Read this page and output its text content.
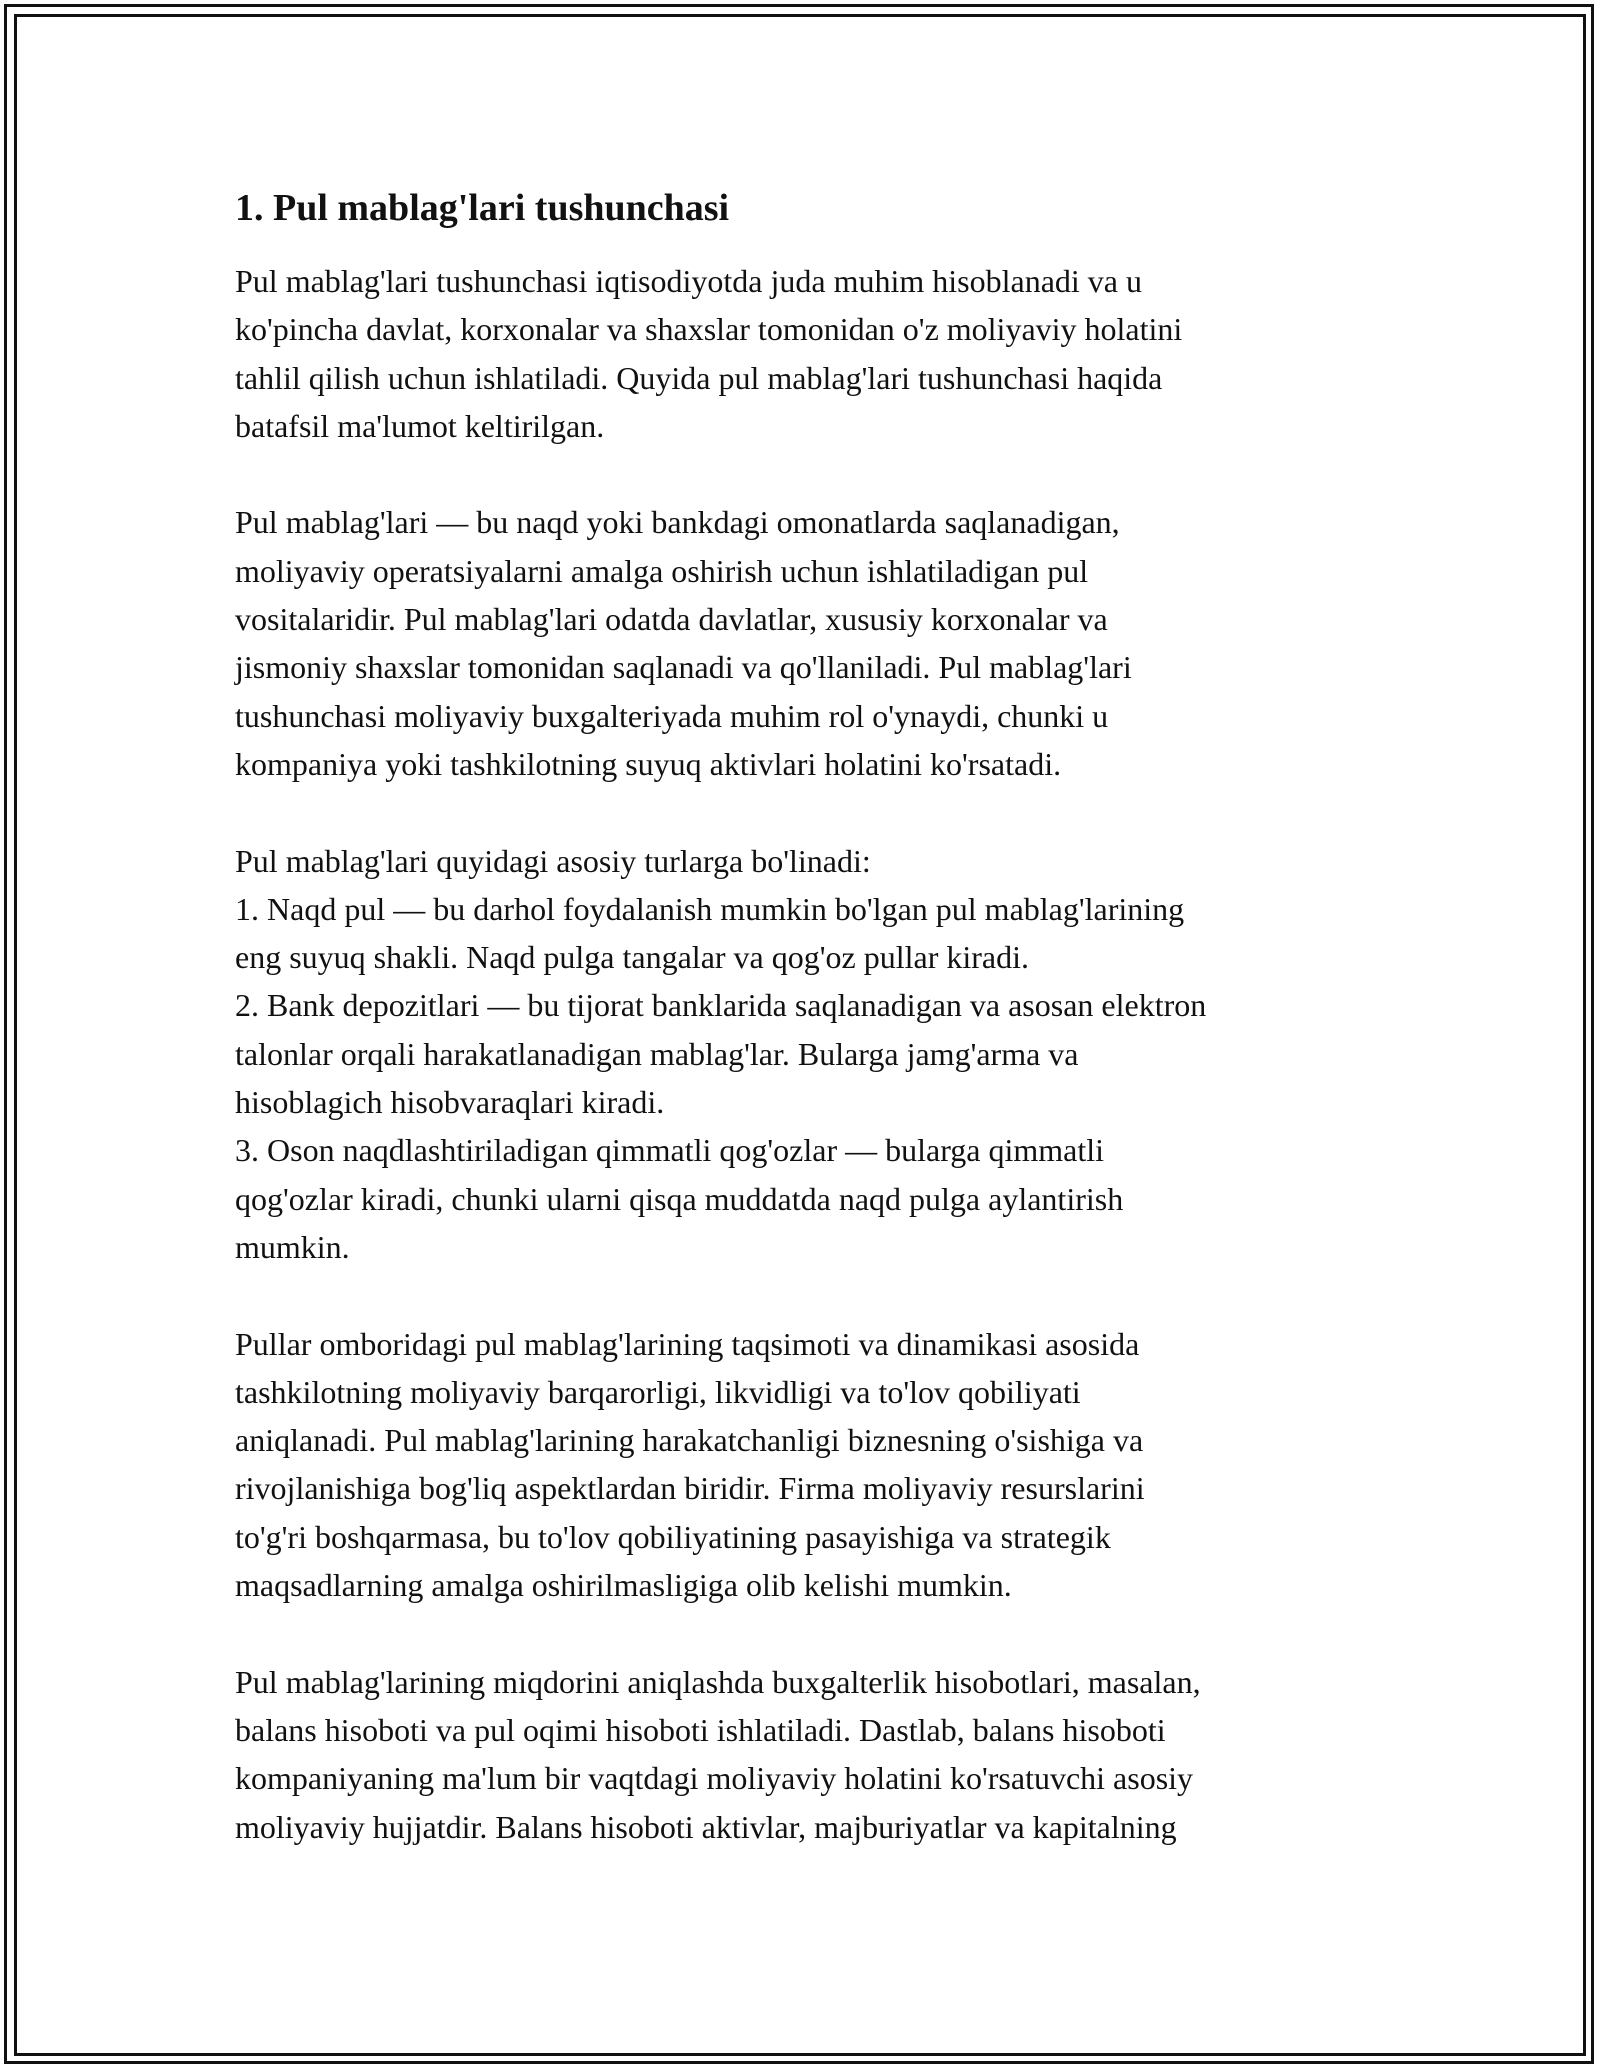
1. Pul mablag'lari tushunchasi

Pul mablag'lari tushunchasi iqtisodiyotda juda muhim hisoblanadi va u
ko'pincha davlat, korxonalar va shaxslar tomonidan o'z moliyaviy holatini
tahlil qilish uchun ishlatiladi. Quyida pul mablag'lari tushunchasi haqida
batafsil ma'lumot keltirilgan.

Pul mablag'lari — bu naqd yoki bankdagi omonatlarda saqlanadigan,
moliyaviy operatsiyalarni amalga oshirish uchun ishlatiladigan pul
vositalaridir. Pul mablag'lari odatda davlatlar, xususiy korxonalar va
jismoniy shaxslar tomonidan saqlanadi va qo'llaniladi. Pul mablag'lari
tushunchasi moliyaviy buxgalteriyada muhim rol o'ynaydi, chunki u
kompaniya yoki tashkilotning suyuq aktivlari holatini ko'rsatadi.

Pul mablag'lari quyidagi asosiy turlarga bo'linadi:
1. Naqd pul — bu darhol foydalanish mumkin bo'lgan pul mablag'larining
eng suyuq shakli. Naqd pulga tangalar va qog'oz pullar kiradi.
2. Bank depozitlari — bu tijorat banklarida saqlanadigan va asosan elektron
talonlar orqali harakatlanadigan mablag'lar. Bularga jamg'arma va
hisoblagich hisobvaraqlari kiradi.
3. Oson naqdlashtiriladigan qimmatli qog'ozlar — bularga qimmatli
qog'ozlar kiradi, chunki ularni qisqa muddatda naqd pulga aylantirish
mumkin.

Pullar omboridagi pul mablag'larining taqsimoti va dinamikasi asosida
tashkilotning moliyaviy barqarorligi, likvidligi va to'lov qobiliyati
aniqlanadi. Pul mablag'larining harakatchanligi biznesning o'sishiga va
rivojlanishiga bog'liq aspektlardan biridir. Firma moliyaviy resurslarini
to'g'ri boshqarmasa, bu to'lov qobiliyatining pasayishiga va strategik
maqsadlarning amalga oshirilmasligiga olib kelishi mumkin.

Pul mablag'larining miqdorini aniqlashda buxgalterlik hisobotlari, masalan,
balans hisoboti va pul oqimi hisoboti ishlatiladi. Dastlab, balans hisoboti
kompaniyaning ma'lum bir vaqtdagi moliyaviy holatini ko'rsatuvchi asosiy
moliyaviy hujjatdir. Balans hisoboti aktivlar, majburiyatlar va kapitalning
